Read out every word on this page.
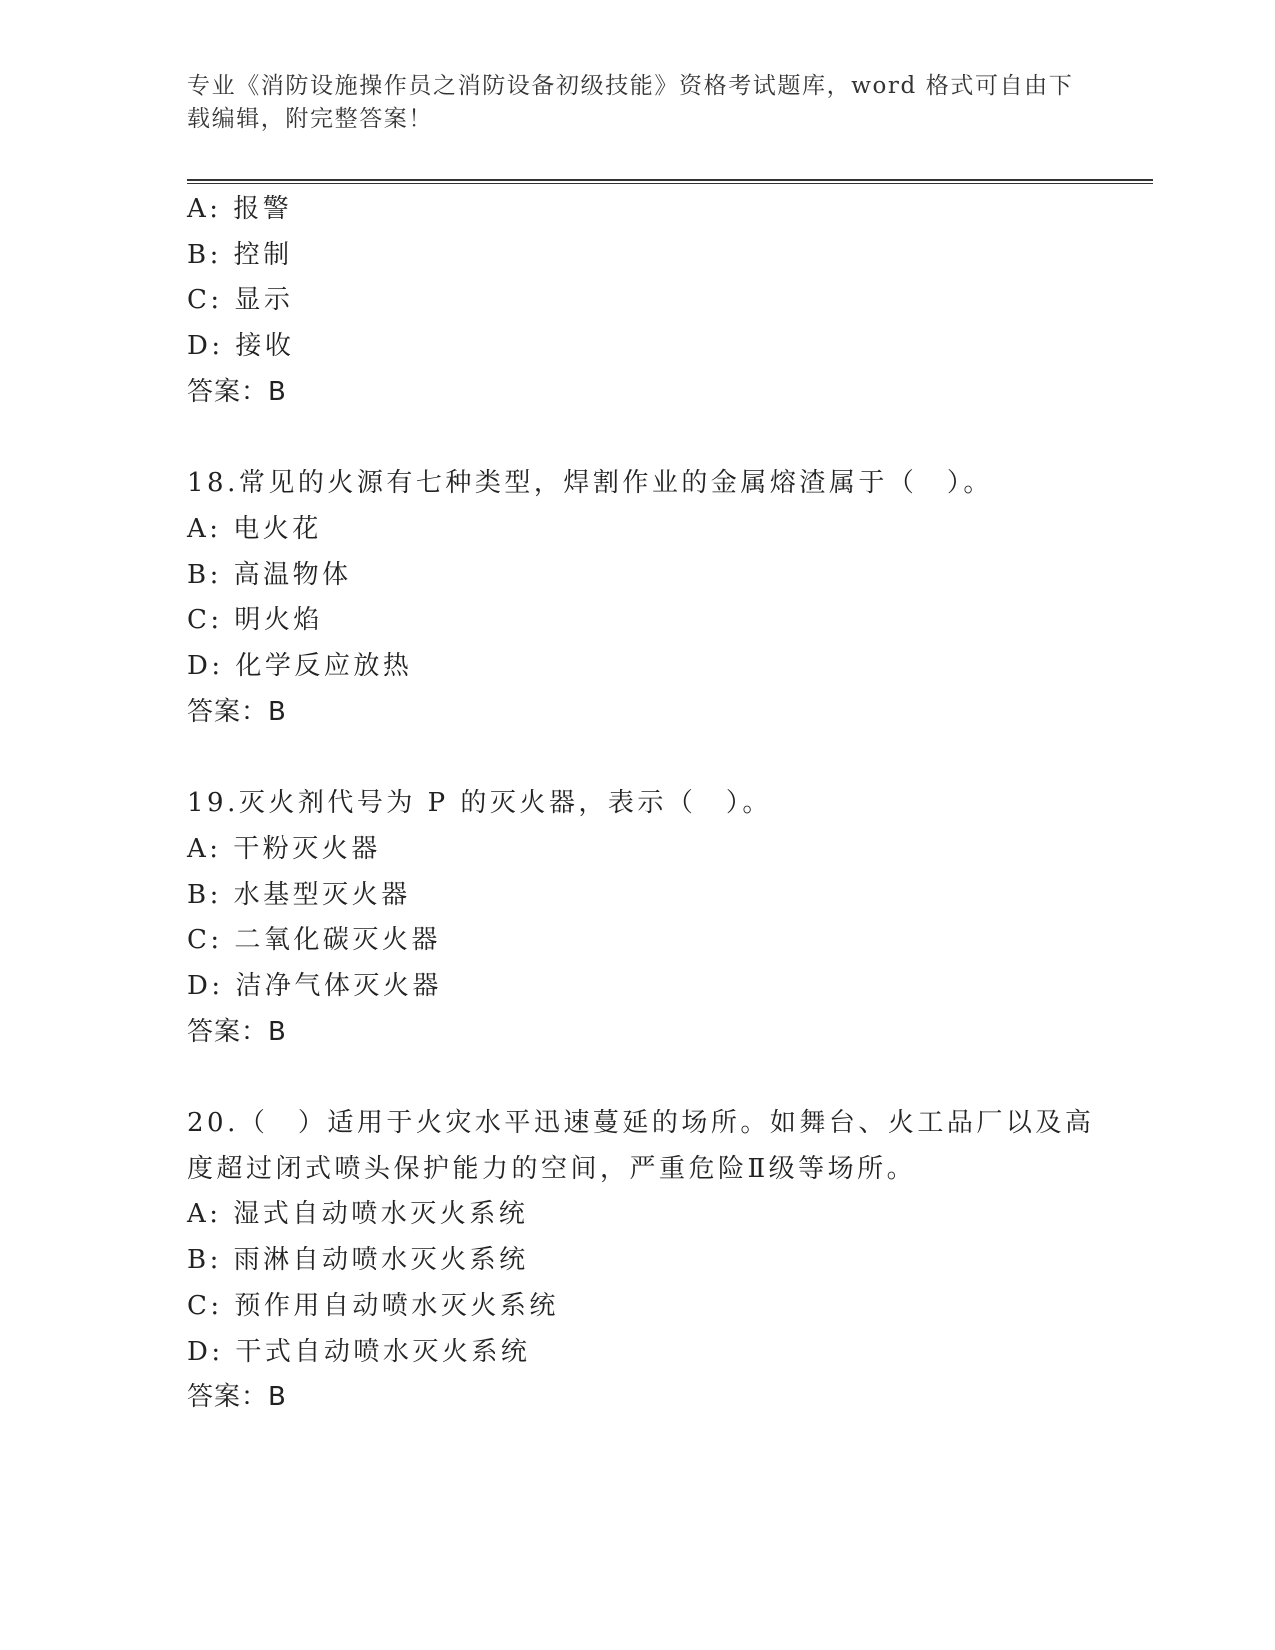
专业《消防设施操作员之消防设备初级技能》资格考试题库，word 格式可自由下
载编辑，附完整答案！
A: 报警
B: 控制
C: 显示
D: 接收
答案：B
18.常见的火源有七种类型，焊割作业的金属熔渣属于（　）。
A: 电火花
B: 高温物体
C: 明火焰
D: 化学反应放热
答案：B
19.灭火剂代号为 P 的灭火器，表示（　）。
A: 干粉灭火器
B: 水基型灭火器
C: 二氧化碳灭火器
D: 洁净气体灭火器
答案：B
20.（　）适用于火灾水平迅速蔓延的场所。如舞台、火工品厂以及高
度超过闭式喷头保护能力的空间，严重危险Ⅱ级等场所。
A: 湿式自动喷水灭火系统
B: 雨淋自动喷水灭火系统
C: 预作用自动喷水灭火系统
D: 干式自动喷水灭火系统
答案：B
